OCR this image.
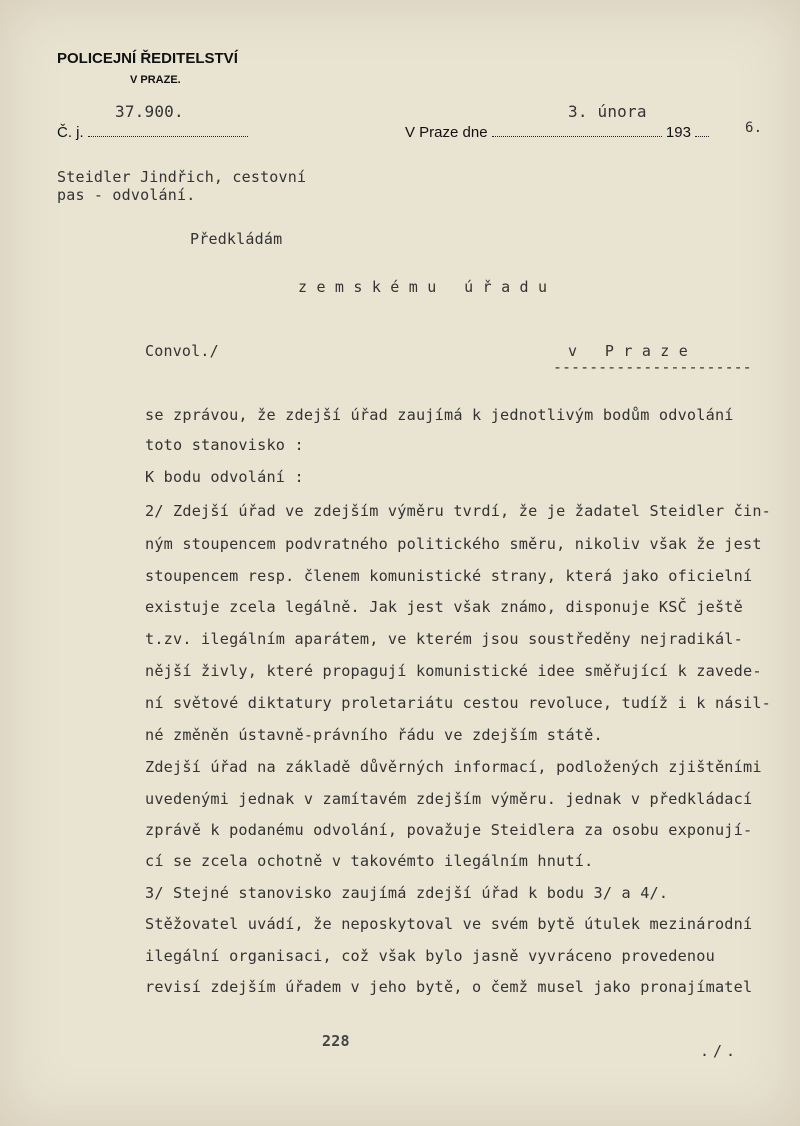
POLICEJNÍ ŘEDITELSTVÍ
V PRAZE.
37.900.
Č. j.
3. února
V Praze dne	193	6.
Steidler Jindřich, cestovní
pas - odvolání.
Předkládám
z e m s k é m u   ú ř a d u
Convol./	v   P r a z e
----------------------
se zprávou, že zdejší úřad zaujímá k jednotlivým bodům odvolání
toto stanovisko :
K bodu odvolání :
2/ Zdejší úřad ve zdejším výměru tvrdí, že je žadatel Steidler čin-
ným stoupencem podvratného politického směru, nikoliv však že jest
stoupencem resp. členem komunistické strany, která jako oficielní
existuje zcela legálně. Jak jest však známo, disponuje KSČ ještě
t.zv. ilegálním aparátem, ve kterém jsou soustředěny nejradikál-
nější živly, které propagují komunistické idee směřující k zavede-
ní světové diktatury proletariátu cestou revoluce, tudíž i k násil-
né změněn ústavně-právního řádu ve zdejším státě.
Zdejší úřad na základě důvěrných informací, podložených zjištěními
uvedenými jednak v zamítavém zdejším výměru. jednak v předkládací
zprávě k podanému odvolání, považuje Steidlera za osobu exponují-
cí se zcela ochotně v takovémto ilegálním hnutí.
3/ Stejné stanovisko zaujímá zdejší úřad k bodu 3/ a 4/.
Stěžovatel uvádí, že neposkytoval ve svém bytě útulek mezinárodní
ilegální organisaci, což však bylo jasně vyvráceno provedenou
revisí zdejším úřadem v jeho bytě, o čemž musel jako pronajímatel
228
./.
